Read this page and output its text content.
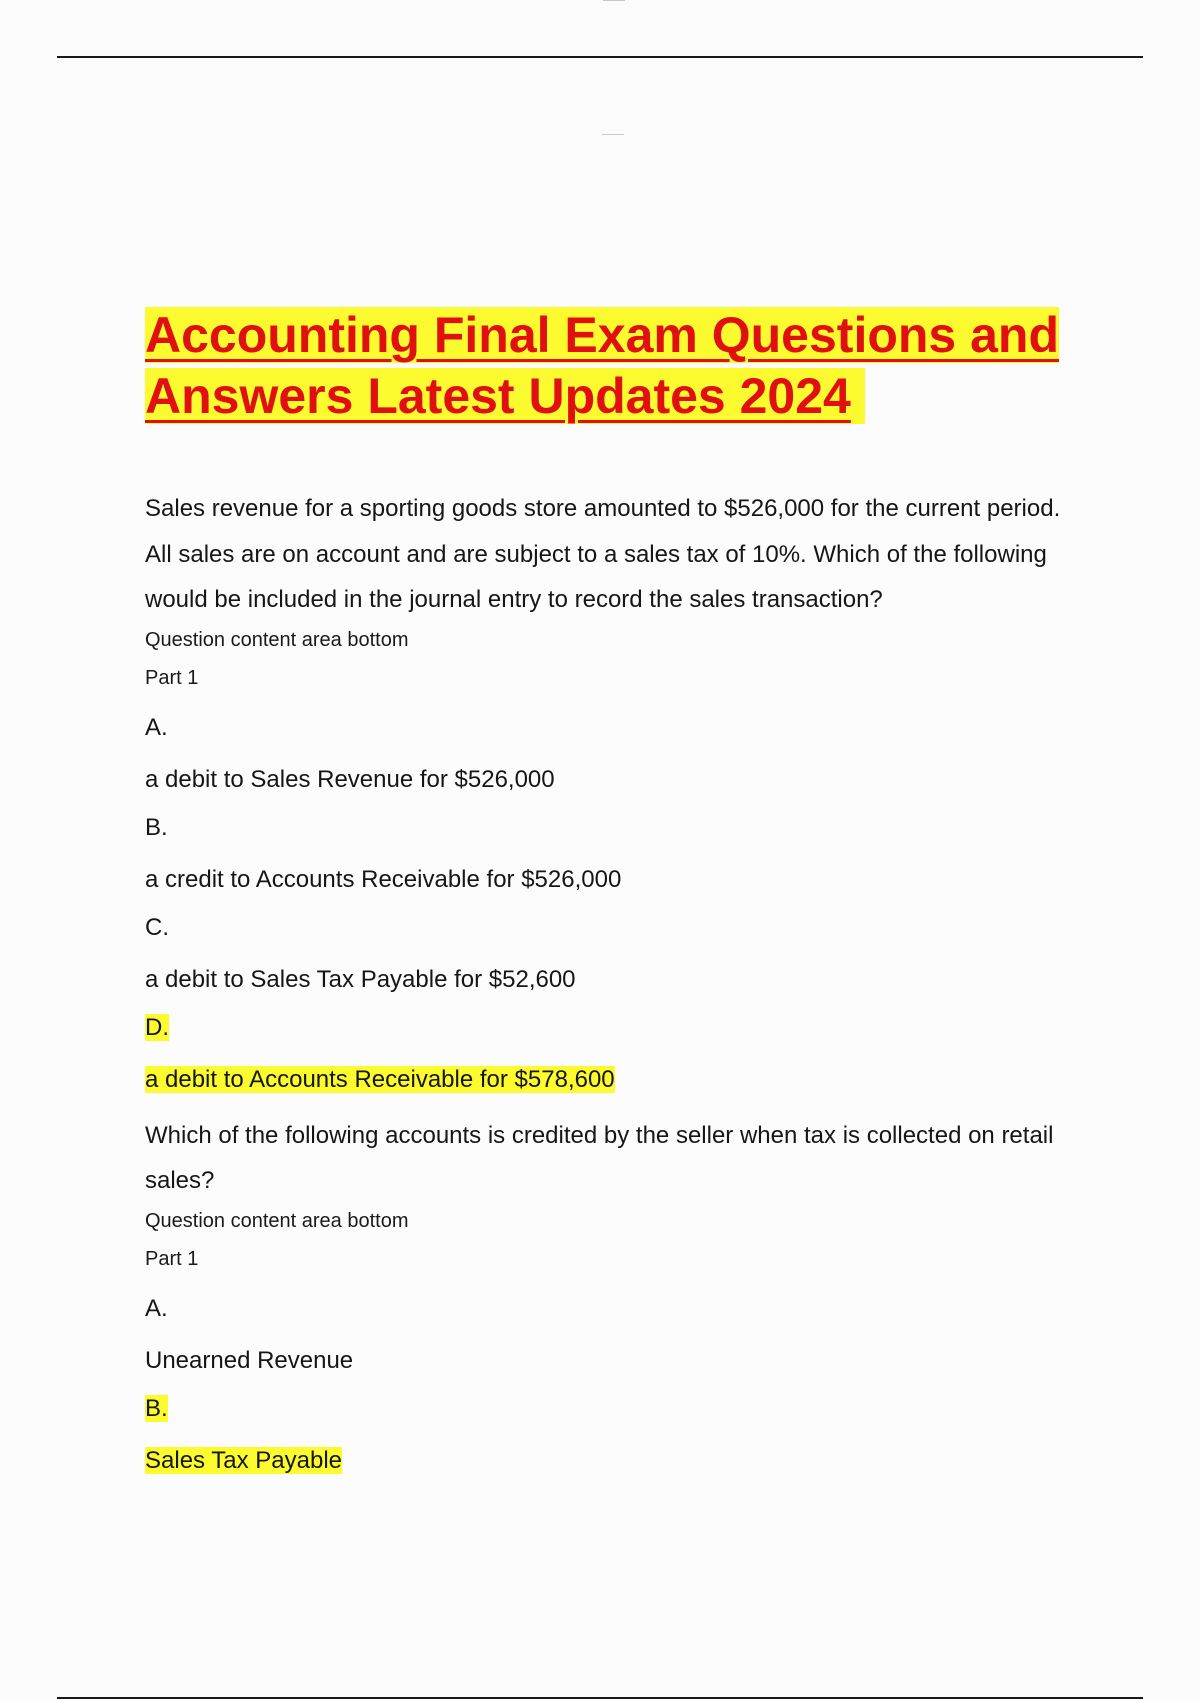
Accounting Final Exam Questions and Answers Latest Updates 2024

Sales revenue for a sporting goods store amounted to $526,000 for the current period. All sales are on account and are subject to a sales tax of 10%. Which of the following would be included in the journal entry to record the sales transaction?

Question content area bottom

Part 1

A.

a debit to Sales Revenue for $526,000

B.

a credit to Accounts Receivable for $526,000

C.

a debit to Sales Tax Payable for $52,600

D.

a debit to Accounts Receivable for $578,600

Which of the following accounts is credited by the seller when tax is collected on retail sales?

Question content area bottom

Part 1

A.

Unearned Revenue

B.

Sales Tax Payable
